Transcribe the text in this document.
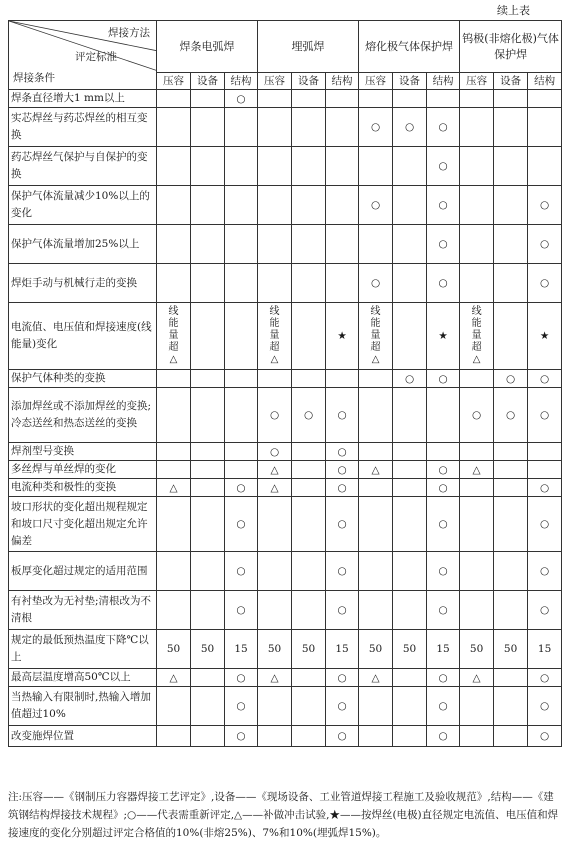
续上表
焊接方法
评定标准
焊接条件	焊条电弧焊			埋弧焊			熔化极气体保护焊			钨极(非熔化极)气体保护焊		
	压容	设备	结构	压容	设备	结构	压容	设备	结构	压容	设备	结构
焊条直径增大1 mm以上			○									
实芯焊丝与药芯焊丝的相互变换							○	○	○			
药芯焊丝气保护与自保护的变换									○			
保护气体流量减少10%以上的变化							○		○			○
保护气体流量增加25%以上									○			○
焊炬手动与机械行走的变换							○		○			○
电流值、电压值和焊接速度(线能量)变化	线能量超△			线能量超△		★	线能量超△		★	线能量超△		★
保护气体种类的变换								○	○		○	○
添加焊丝或不添加焊丝的变换;冷态送丝和热态送丝的变换				○	○	○				○	○	○
焊剂型号变换				○		○						
多丝焊与单丝焊的变化				△		○	△		○	△		
电流种类和极性的变换	△		○	△		○			○			○
坡口形状的变化超出规程规定和坡口尺寸变化超出规定允许偏差			○			○			○			○
板厚变化超过规定的适用范围			○			○			○			○
有衬垫改为无衬垫;清根改为不清根			○			○			○			○
规定的最低预热温度下降℃以上	50	50	15	50	50	15	50	50	15	50	50	15
最高层温度增高50℃以上	△		○	△		○	△		○	△		○
当热输入有限制时,热输入增加值超过10%			○			○			○			○
改变施焊位置			○			○			○			○
注:压容——《钢制压力容器焊接工艺评定》,设备——《现场设备、工业管道焊接工程施工及验收规范》,结构——《建筑钢结构焊接技术规程》;○——代表需重新评定,△——补做冲击试验,★——按焊丝(电极)直径规定电流值、电压值和焊接速度的变化分别超过评定合格值的10%(非熔25%)、7%和10%(埋弧焊15%)。
